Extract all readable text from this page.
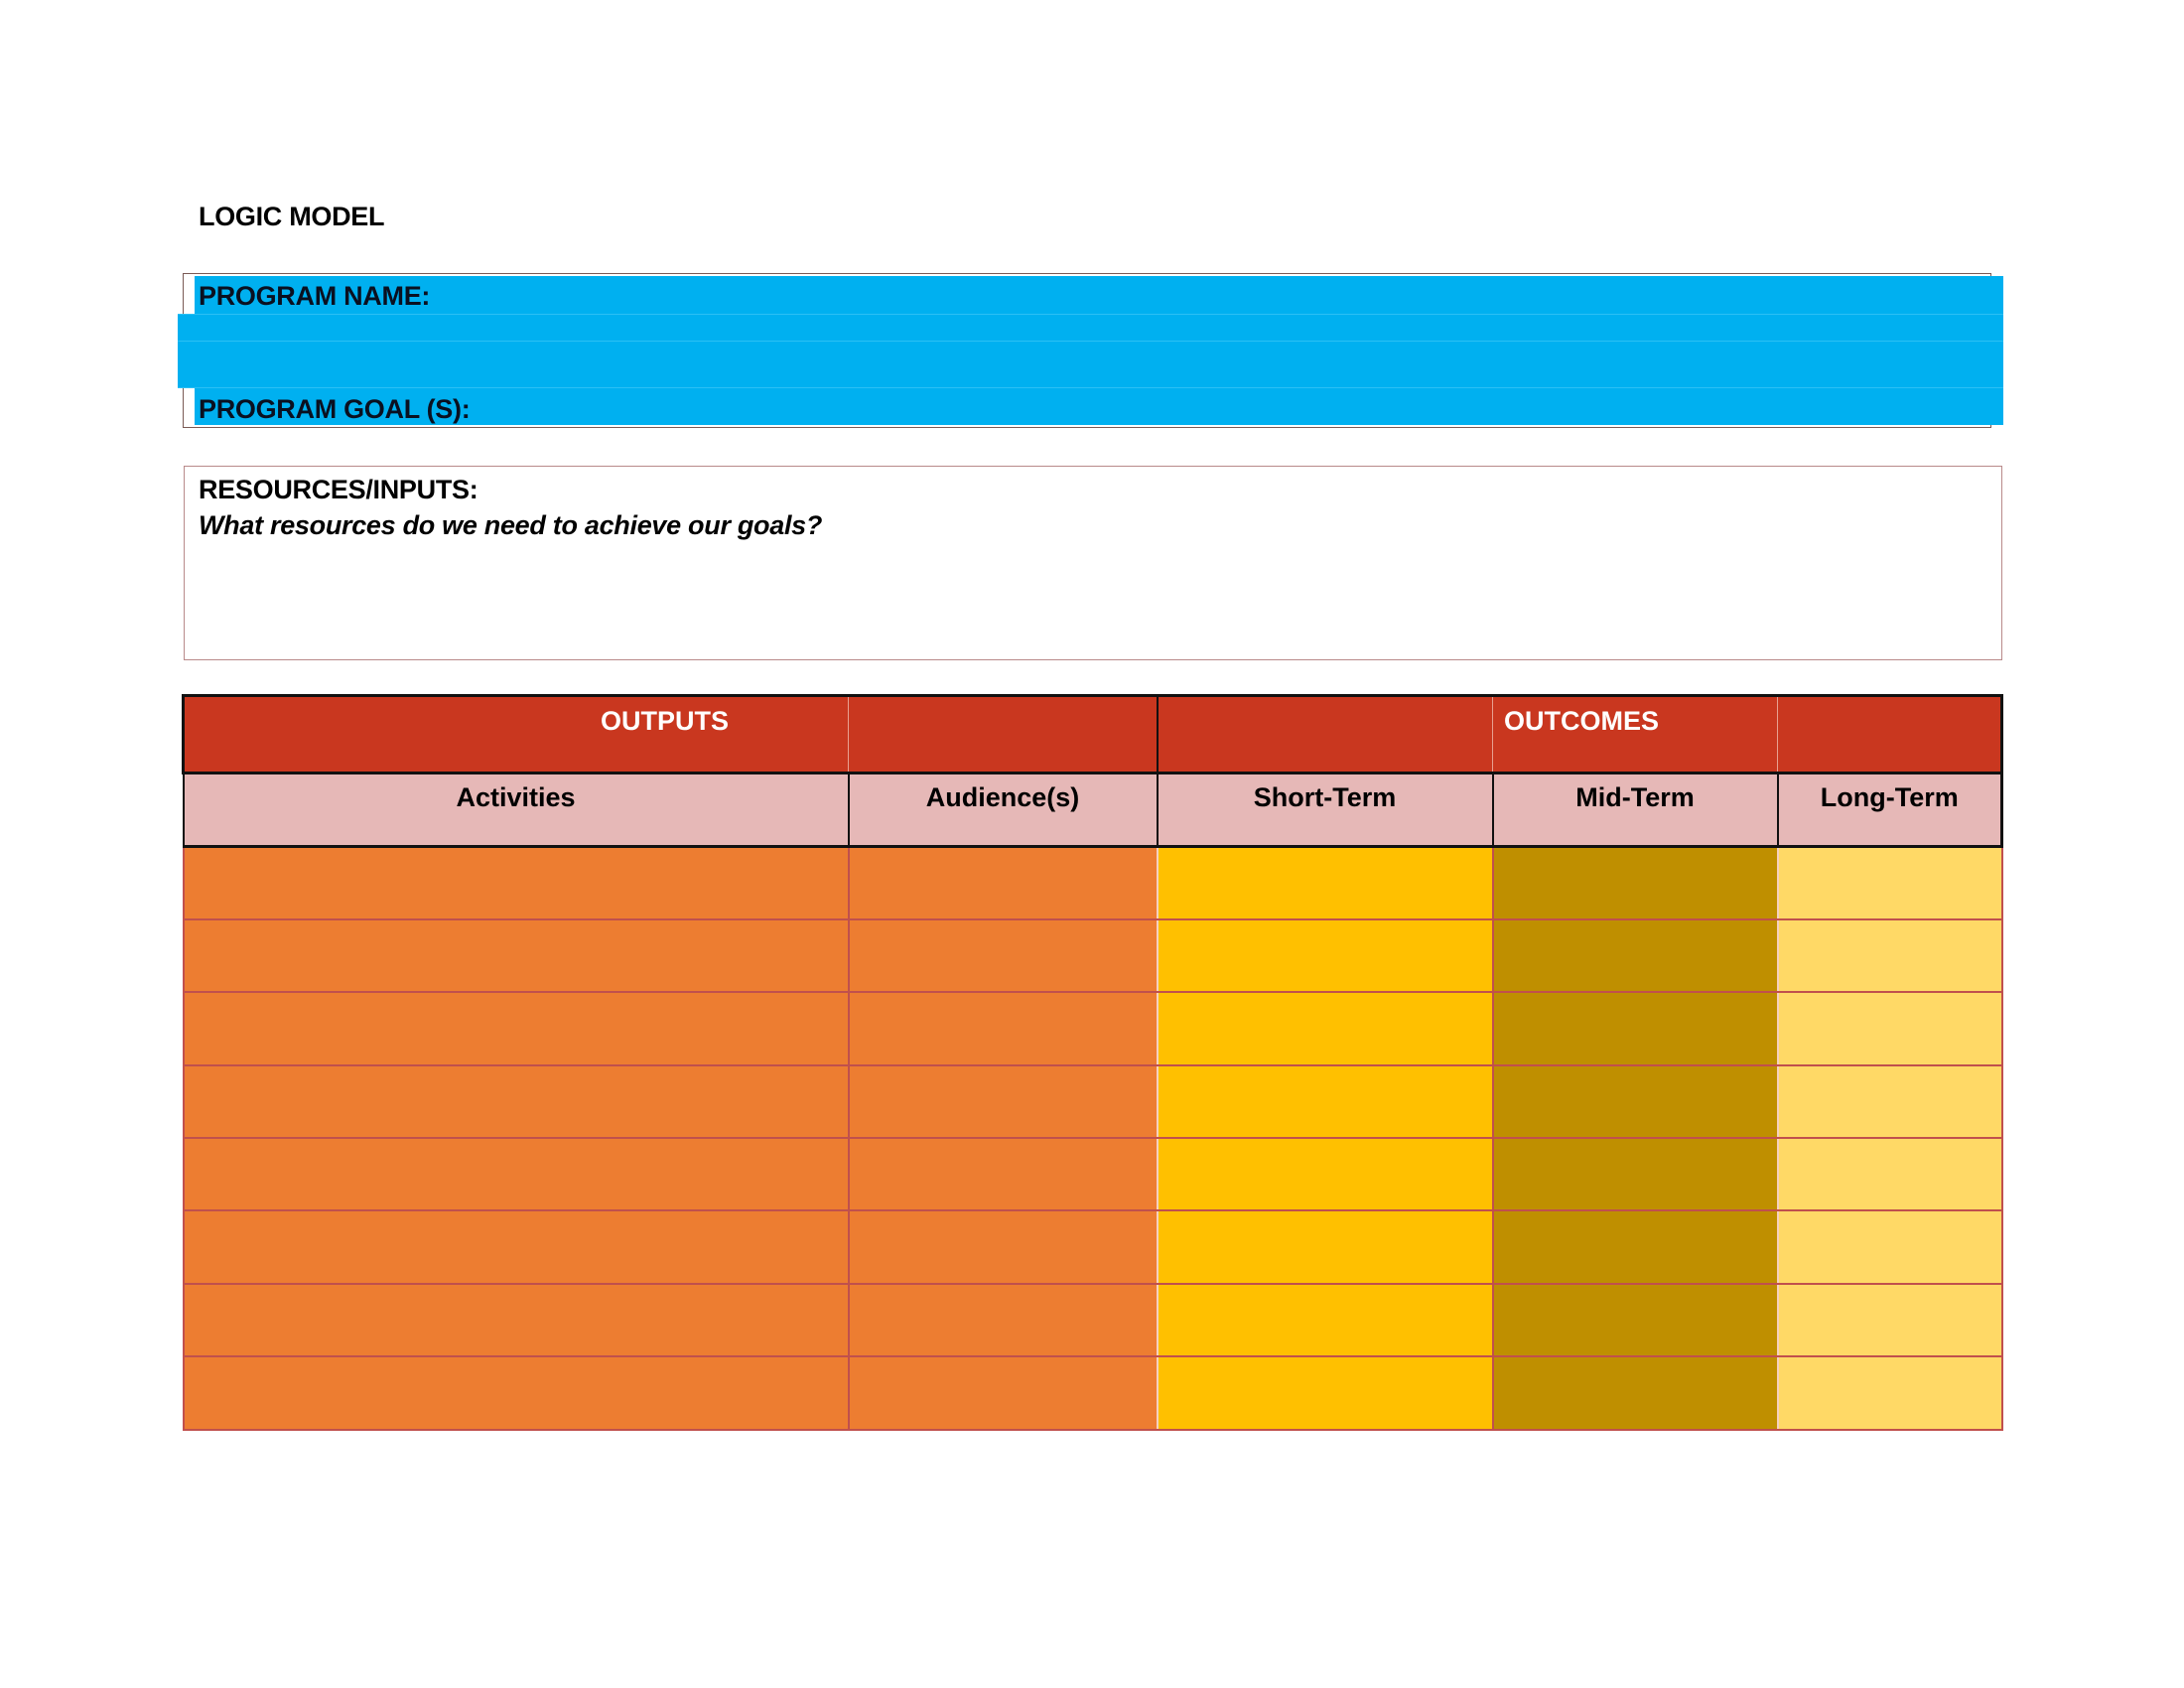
LOGIC MODEL
PROGRAM NAME:
PROGRAM GOAL (S):
RESOURCES/INPUTS:
What resources do we need to achieve our goals?
OUTPUTS			OUTCOMES	
Activities	Audience(s)	Short-Term	Mid-Term	Long-Term
